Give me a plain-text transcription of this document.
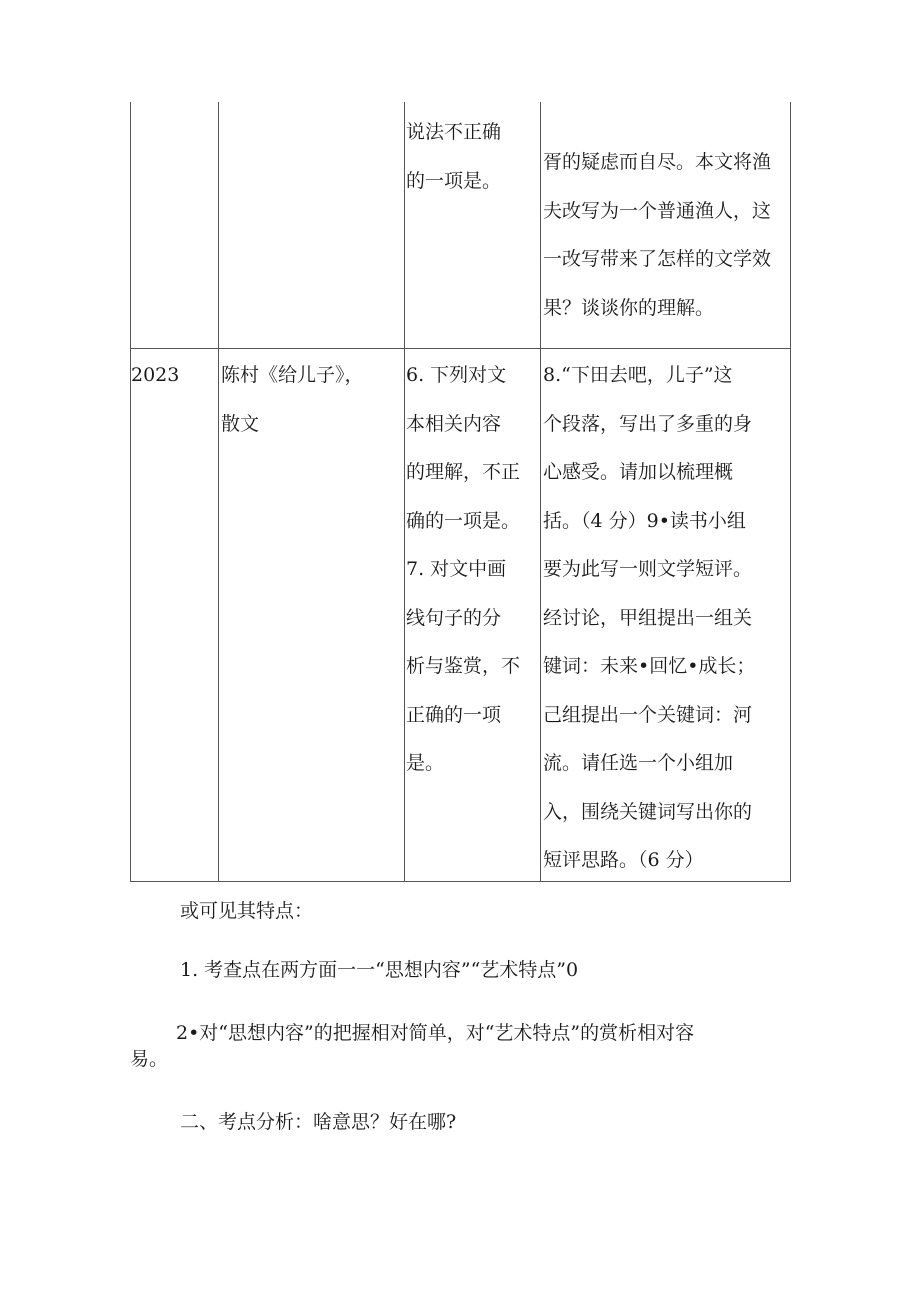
说法不正确
的一项是。
胥的疑虑而自尽。本文将渔
夫改写为一个普通渔人，这
一改写带来了怎样的文学效
果？谈谈你的理解。
2023	陈村《给儿子》，
散文
6. 下列对文
本相关内容
的理解，不正
确的一项是。
7. 对文中画
线句子的分
析与鉴赏，不
正确的一项
是。
8.“下田去吧，儿子”这
个段落，写出了多重的身
心感受。请加以梳理概
括。（4 分）9•读书小组
要为此写一则文学短评。
经讨论，甲组提出一组关
键词：未来•回忆•成长；
己组提出一个关键词：河
流。请任选一个小组加
入，围绕关键词写出你的
短评思路。（6 分）
或可见其特点：
1. 考查点在两方面一一“思想内容”“艺术特点”0
2•对“思想内容”的把握相对简单，对“艺术特点”的赏析相对容
易。
二、考点分析：啥意思？好在哪?
